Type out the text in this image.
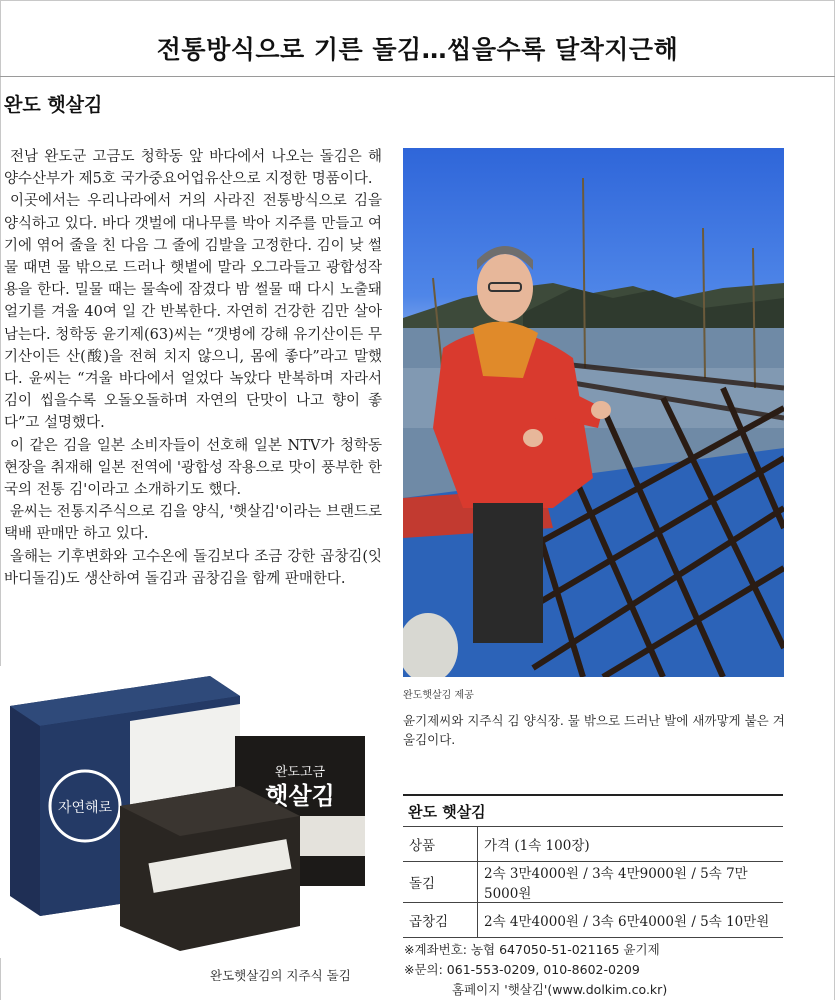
전통방식으로 기른 돌김…씹을수록 달착지근해
완도 햇살김

전남 완도군 고금도 청학동 앞 바다에서 나오는 돌김은 해양수산부가 제5호 국가중요어업유산으로 지정한 명품이다.

이곳에서는 우리나라에서 거의 사라진 전통방식으로 김을 양식하고 있다. 바다 갯벌에 대나무를 박아 지주를 만들고 여기에 엮어 줄을 친 다음 그 줄에 김발을 고정한다. 김이 낮 썰물 때면 물 밖으로 드러나 햇볕에 말라 오그라들고 광합성작용을 한다. 밀물 때는 물속에 잠겼다 밤 썰물 때 다시 노출돼 얼기를 겨울 40여 일 간 반복한다. 자연히 건강한 김만 살아남는다. 청학동 윤기제(63)씨는 “갯병에 강해 유기산이든 무기산이든 산(酸)을 전혀 치지 않으니, 몸에 좋다”라고 말했다. 윤씨는 “겨울 바다에서 얼었다 녹았다 반복하며 자라서 김이 씹을수록 오돌오돌하며 자연의 단맛이 나고 향이 좋다”고 설명했다.

이 같은 김을 일본 소비자들이 선호해 일본 NTV가 청학동 현장을 취재해 일본 전역에 '광합성 작용으로 맛이 풍부한 한국의 전통 김'이라고 소개하기도 했다.

윤씨는 전통지주식으로 김을 양식, '햇살김'이라는 브랜드로 택배 판매만 하고 있다.

올해는 기후변화와 고수온에 돌김보다 조금 강한 곱창김(잇바디돌김)도 생산하여 돌김과 곱창김을 함께 판매한다.

완도햇살김 제공
윤기제씨와 지주식 김 양식장. 물 밖으로 드러난 발에 새까맣게 붙은 겨울김이다.
자연해로
완도고금
햇살김
완도햇살김의 지주식 돌김
완도 햇살김
상품	가격 (1속 100장)
돌김	2속 3만4000원 / 3속 4만9000원 / 5속 7만5000원
곱창김	2속 4만4000원 / 3속 6만4000원 / 5속 10만원
※계좌번호: 농협 647050-51-021165 윤기제
※문의: 061-553-0209, 010-8602-0209
홈페이지 '햇살김'(www.dolkim.co.kr)
